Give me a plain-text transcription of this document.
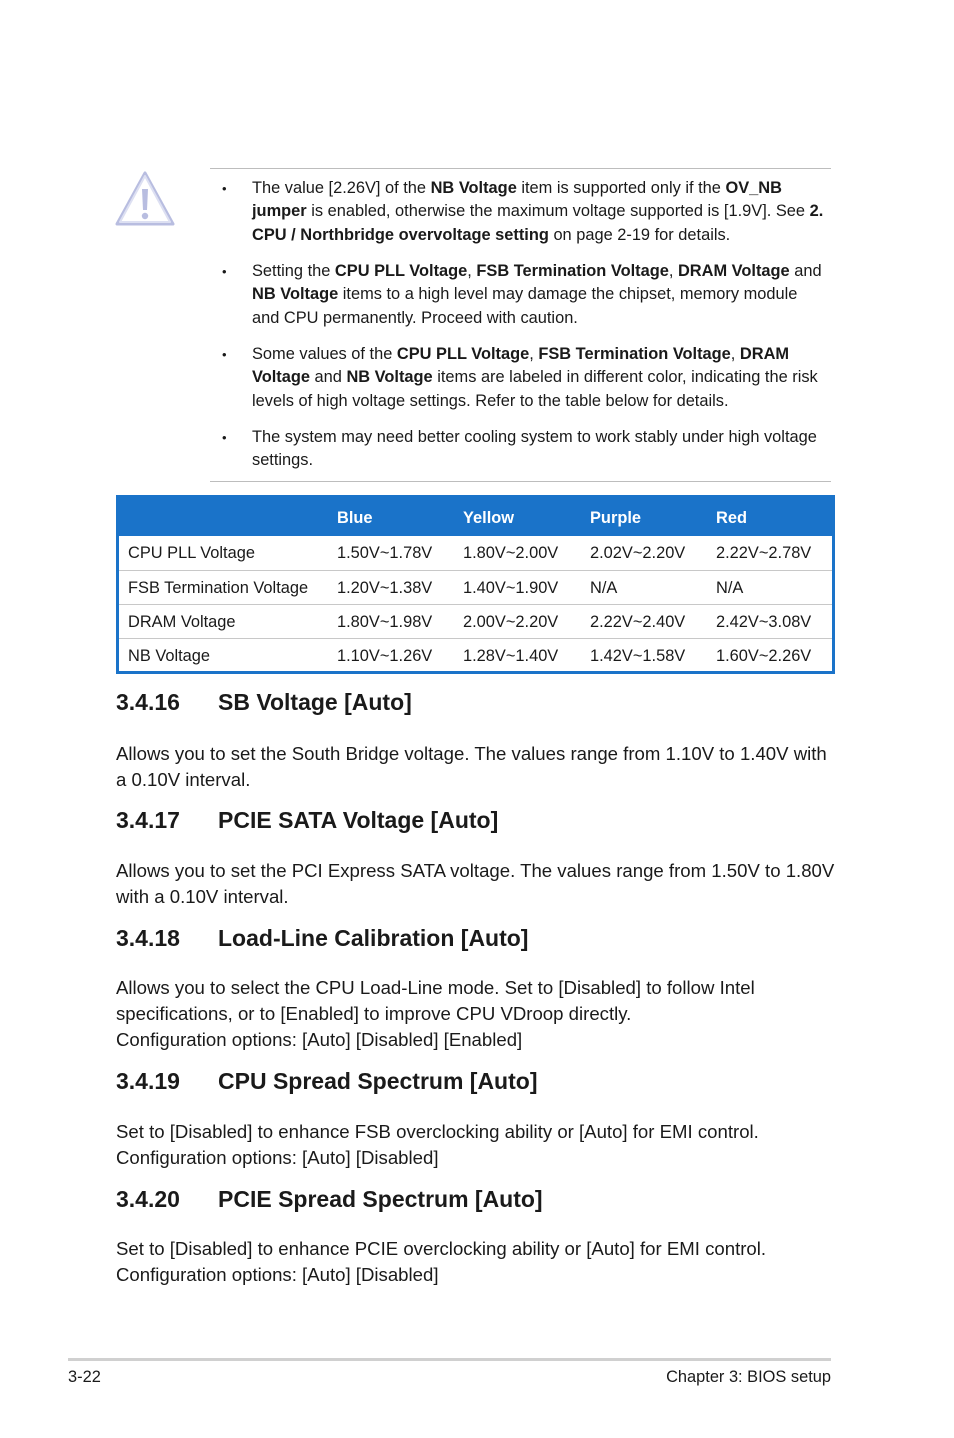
• The value [2.26V] of the NB Voltage item is supported only if the OV_NB jumper is enabled, otherwise the maximum voltage supported is [1.9V]. See 2. CPU / Northbridge overvoltage setting on page 2-19 for details.
• Setting the CPU PLL Voltage, FSB Termination Voltage, DRAM Voltage and NB Voltage items to a high level may damage the chipset, memory module and CPU permanently. Proceed with caution.
• Some values of the CPU PLL Voltage, FSB Termination Voltage, DRAM Voltage and NB Voltage items are labeled in different color, indicating the risk levels of high voltage settings. Refer to the table below for details.
• The system may need better cooling system to work stably under high voltage settings.
Blue	Yellow	Purple	Red
CPU PLL Voltage	1.50V~1.78V 1.80V~2.00V 2.02V~2.20V 2.22V~2.78V
FSB Termination Voltage 1.20V~1.38V 1.40V~1.90V N/A	N/A
DRAM Voltage	1.80V~1.98V 2.00V~2.20V 2.22V~2.40V 2.42V~3.08V
NB Voltage	1.10V~1.26V 1.28V~1.40V 1.42V~1.58V 1.60V~2.26V
3.4.16 SB Voltage [Auto]
Allows you to set the South Bridge voltage. The values range from 1.10V to 1.40V with a 0.10V interval.
3.4.17 PCIE SATA Voltage [Auto]
Allows you to set the PCI Express SATA voltage. The values range from 1.50V to 1.80V with a 0.10V interval.
3.4.18 Load-Line Calibration [Auto]
Allows you to select the CPU Load-Line mode. Set to [Disabled] to follow Intel specifications, or to [Enabled] to improve CPU VDroop directly.
Configuration options: [Auto] [Disabled] [Enabled]
3.4.19 CPU Spread Spectrum [Auto]
Set to [Disabled] to enhance FSB overclocking ability or [Auto] for EMI control.
Configuration options: [Auto] [Disabled]
3.4.20 PCIE Spread Spectrum [Auto]
Set to [Disabled] to enhance PCIE overclocking ability or [Auto] for EMI control.
Configuration options: [Auto] [Disabled]
3-22	Chapter 3: BIOS setup
